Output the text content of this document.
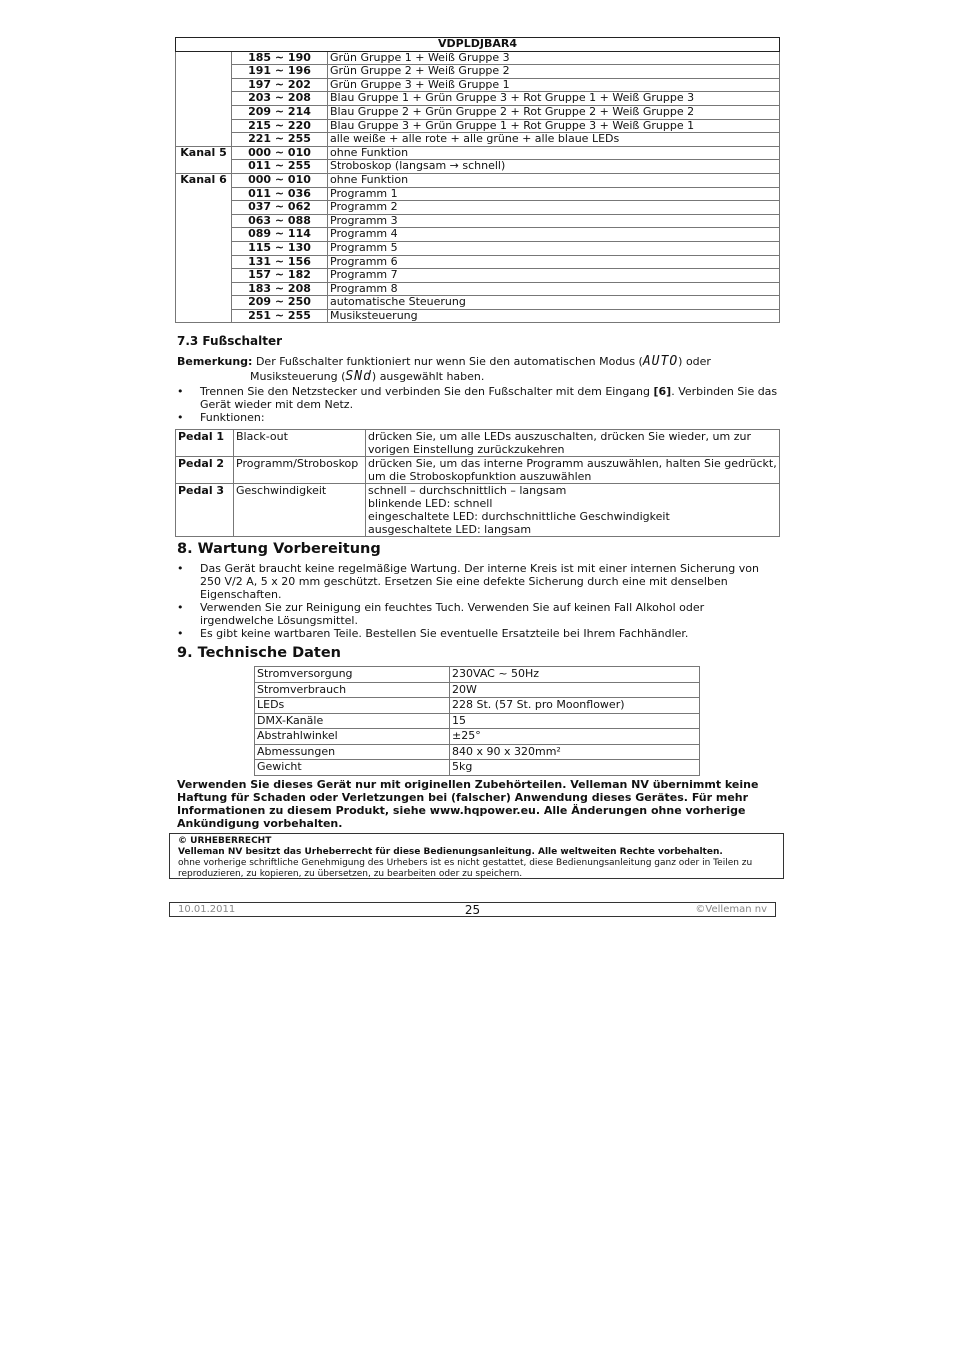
VDPLDJBAR4		
	185 ~ 190	Grün Gruppe 1 + Weiß Gruppe 3
	191 ~ 196	Grün Gruppe 2 + Weiß Gruppe 2
	197 ~ 202	Grün Gruppe 3 + Weiß Gruppe 1
	203 ~ 208	Blau Gruppe 1 + Grün Gruppe 3 + Rot Gruppe 1 + Weiß Gruppe 3
	209 ~ 214	Blau Gruppe 2 + Grün Gruppe 2 + Rot Gruppe 2 + Weiß Gruppe 2
	215 ~ 220	Blau Gruppe 3 + Grün Gruppe 1 + Rot Gruppe 3 + Weiß Gruppe 1
	221 ~ 255	alle weiße + alle rote + alle grüne + alle blaue LEDs
Kanal 5	000 ~ 010	ohne Funktion
	011 ~ 255	Stroboskop (langsam → schnell)
Kanal 6	000 ~ 010	ohne Funktion
	011 ~ 036	Programm 1
	037 ~ 062	Programm 2
	063 ~ 088	Programm 3
	089 ~ 114	Programm 4
	115 ~ 130	Programm 5
	131 ~ 156	Programm 6
	157 ~ 182	Programm 7
	183 ~ 208	Programm 8
	209 ~ 250	automatische Steuerung
	251 ~ 255	Musiksteuerung
7.3 Fußschalter
Bemerkung: Der Fußschalter funktioniert nur wenn Sie den automatischen Modus (AUTO) oder
Musiksteuerung (SNd) ausgewählt haben.
• Trennen Sie den Netzstecker und verbinden Sie den Fußschalter mit dem Eingang [6]. Verbinden Sie das Gerät wieder mit dem Netz.
• Funktionen:
Pedal 1	Black-out	drücken Sie, um alle LEDs auszuschalten, drücken Sie wieder, um zur vorigen Einstellung zurückzukehren

Pedal 2	Programm/Stroboskop	drücken Sie, um das interne Programm auszuwählen, halten Sie gedrückt, um die Stroboskopfunktion auszuwählen

Pedal 3	Geschwindigkeit	schnell – durchschnittlich – langsam
blinkende LED: schnell
eingeschaltete LED: durchschnittliche Geschwindigkeit
ausgeschaltete LED: langsam
8. Wartung Vorbereitung
• Das Gerät braucht keine regelmäßige Wartung. Der interne Kreis ist mit einer internen Sicherung von 250 V/2 A, 5 x 20 mm geschützt. Ersetzen Sie eine defekte Sicherung durch eine mit denselben Eigenschaften.
• Verwenden Sie zur Reinigung ein feuchtes Tuch. Verwenden Sie auf keinen Fall Alkohol oder irgendwelche Lösungsmittel.
• Es gibt keine wartbaren Teile. Bestellen Sie eventuelle Ersatzteile bei Ihrem Fachhändler.
9. Technische Daten
Stromversorgung	230VAC ~ 50Hz
Stromverbrauch	20W
LEDs	228 St. (57 St. pro Moonflower)
DMX-Kanäle	15
Abstrahlwinkel	±25°
Abmessungen	840 x 90 x 320mm²
Gewicht	5kg
Verwenden Sie dieses Gerät nur mit originellen Zubehörteilen. Velleman NV übernimmt keine Haftung für Schaden oder Verletzungen bei (falscher) Anwendung dieses Gerätes. Für mehr Informationen zu diesem Produkt, siehe www.hqpower.eu. Alle Änderungen ohne vorherige Ankündigung vorbehalten.
© URHEBERRECHT
Velleman NV besitzt das Urheberrecht für diese Bedienungsanleitung. Alle weltweiten Rechte vorbehalten.
ohne vorherige schriftliche Genehmigung des Urhebers ist es nicht gestattet, diese Bedienungsanleitung ganz oder in Teilen zu reproduzieren, zu kopieren, zu übersetzen, zu bearbeiten oder zu speichern.
10.01.2011	25	©Velleman nv
